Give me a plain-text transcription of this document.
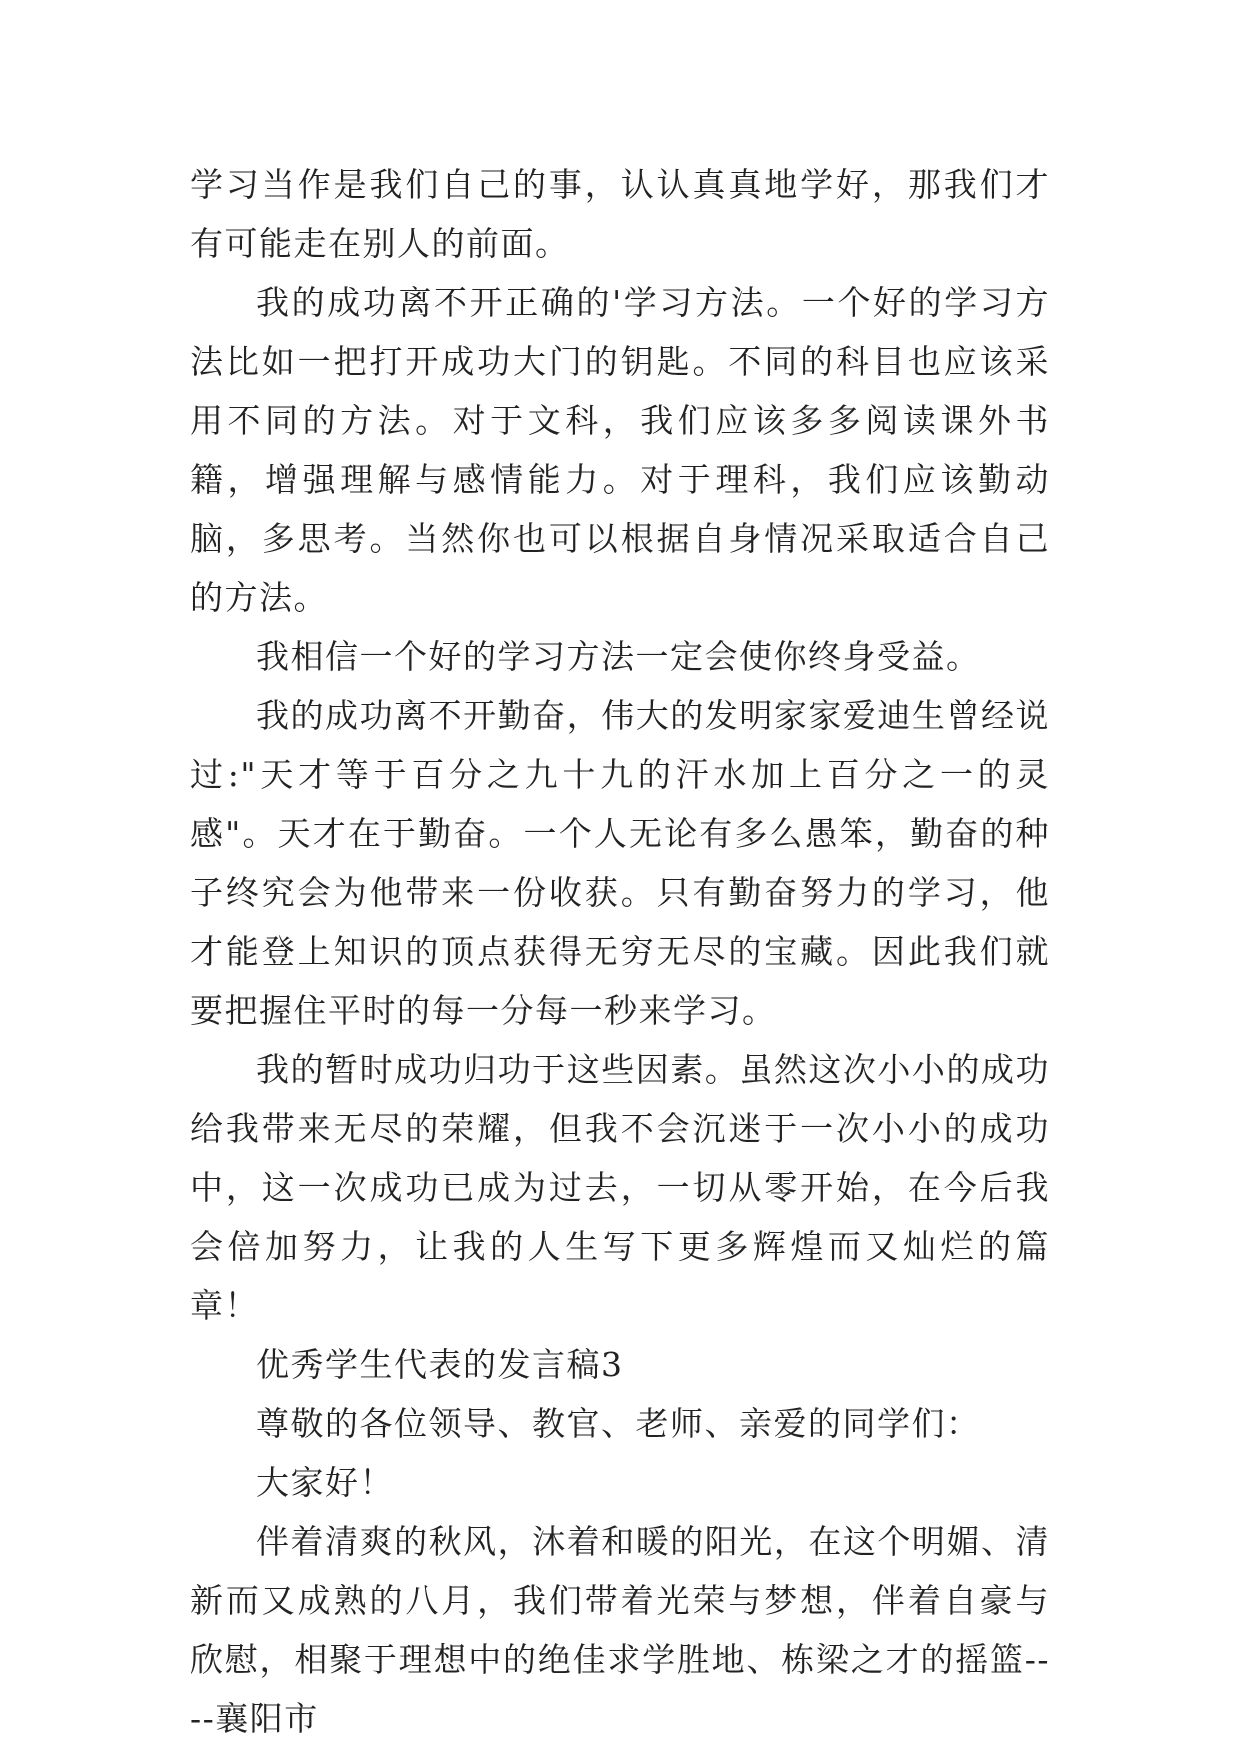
学习当作是我们自己的事，认认真真地学好，那我们才有可能走在别人的前面。

我的成功离不开正确的'学习方法。一个好的学习方法比如一把打开成功大门的钥匙。不同的科目也应该采用不同的方法。对于文科，我们应该多多阅读课外书籍，增强理解与感情能力。对于理科，我们应该勤动脑，多思考。当然你也可以根据自身情况采取适合自己的方法。

我相信一个好的学习方法一定会使你终身受益。

我的成功离不开勤奋，伟大的发明家家爱迪生曾经说过:"天才等于百分之九十九的汗水加上百分之一的灵感"。天才在于勤奋。一个人无论有多么愚笨，勤奋的种子终究会为他带来一份收获。只有勤奋努力的学习，他才能登上知识的顶点获得无穷无尽的宝藏。因此我们就要把握住平时的每一分每一秒来学习。

我的暂时成功归功于这些因素。虽然这次小小的成功给我带来无尽的荣耀，但我不会沉迷于一次小小的成功中，这一次成功已成为过去，一切从零开始，在今后我会倍加努力，让我的人生写下更多辉煌而又灿烂的篇章！

优秀学生代表的发言稿3

尊敬的各位领导、教官、老师、亲爱的同学们：

大家好！

伴着清爽的秋风，沐着和暖的阳光，在这个明媚、清新而又成熟的八月，我们带着光荣与梦想，伴着自豪与欣慰，相聚于理想中的绝佳求学胜地、栋梁之才的摇篮----襄阳市
